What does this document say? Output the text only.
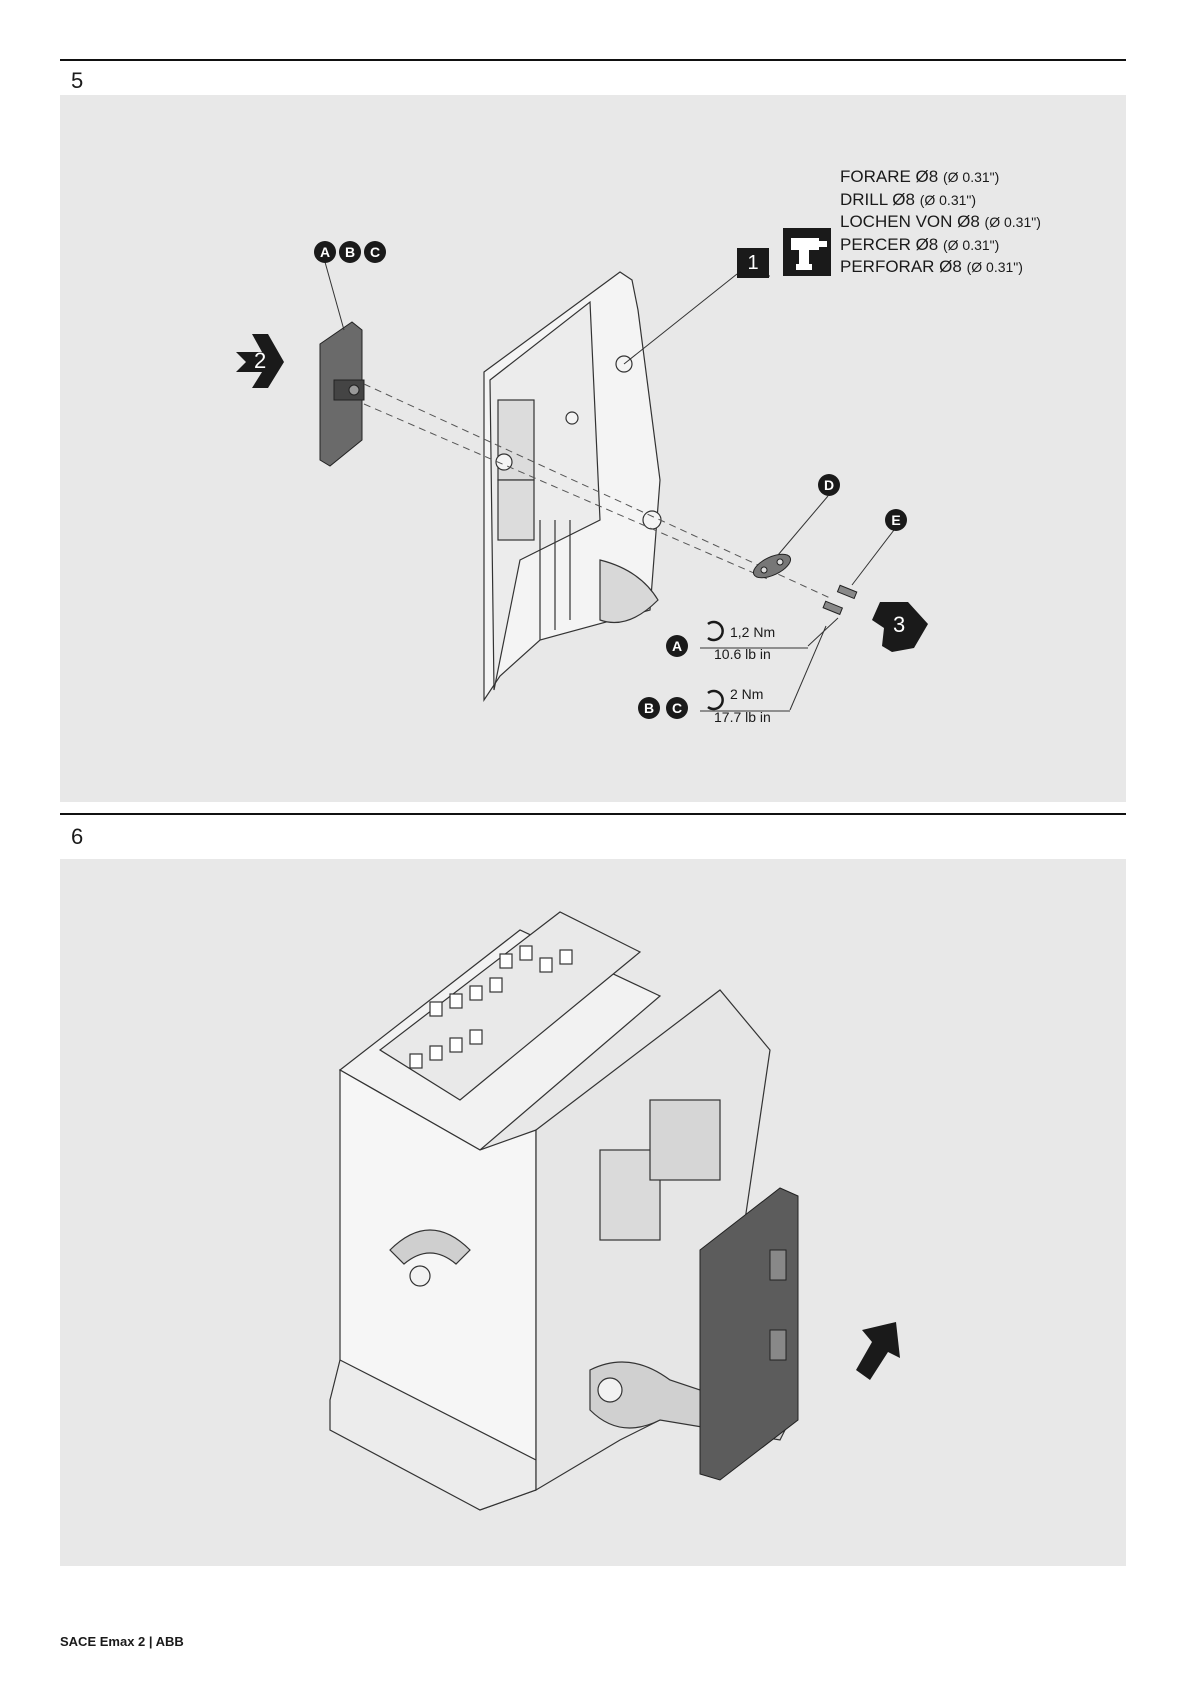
5
6
1
FORARE Ø8 (Ø 0.31")
DRILL Ø8 (Ø 0.31")
LOCHEN VON Ø8 (Ø 0.31")
PERCER Ø8 (Ø 0.31")
PERFORAR Ø8 (Ø 0.31")
A	B	C
D
E
2
3
A
1,2 Nm
10.6 lb in
B	C
2 Nm
17.7 lb in
SACE Emax 2 | ABB
